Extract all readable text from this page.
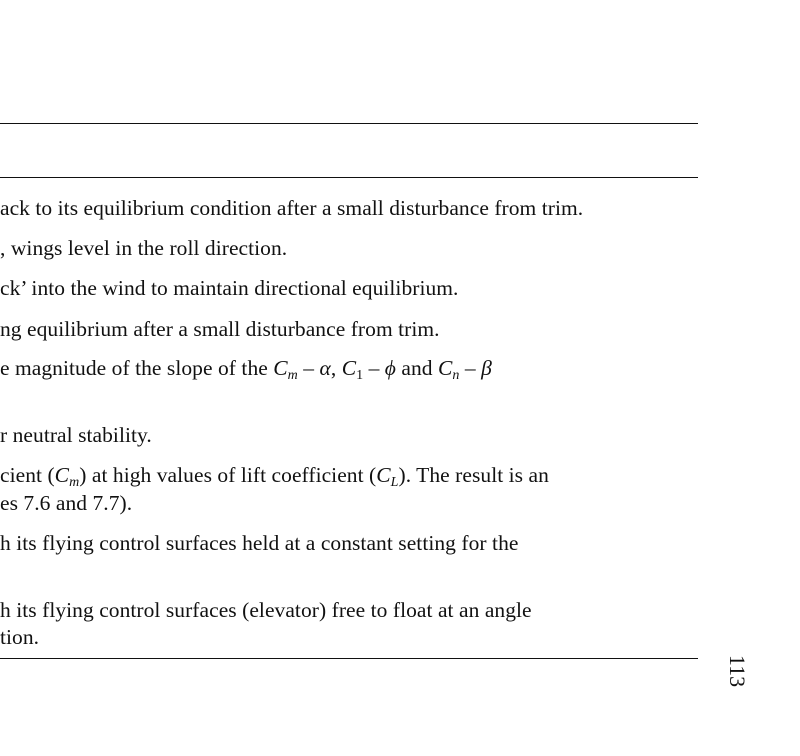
ack to its equilibrium condition after a small disturbance from trim.

, wings level in the roll direction.

ck’ into the wind to maintain directional equilibrium.

ng equilibrium after a small disturbance from trim.

e magnitude of the slope of the $C_m$ – α, $C_1$ – ϕ and $C_n$ – β

r neutral stability.

cient $(C_m)$ at high values of lift coefficient $(C_L)$. The result is an

es 7.6 and 7.7).

h its flying control surfaces held at a constant setting for the

h its flying control surfaces (elevator) free to float at an angle

tion.

113
